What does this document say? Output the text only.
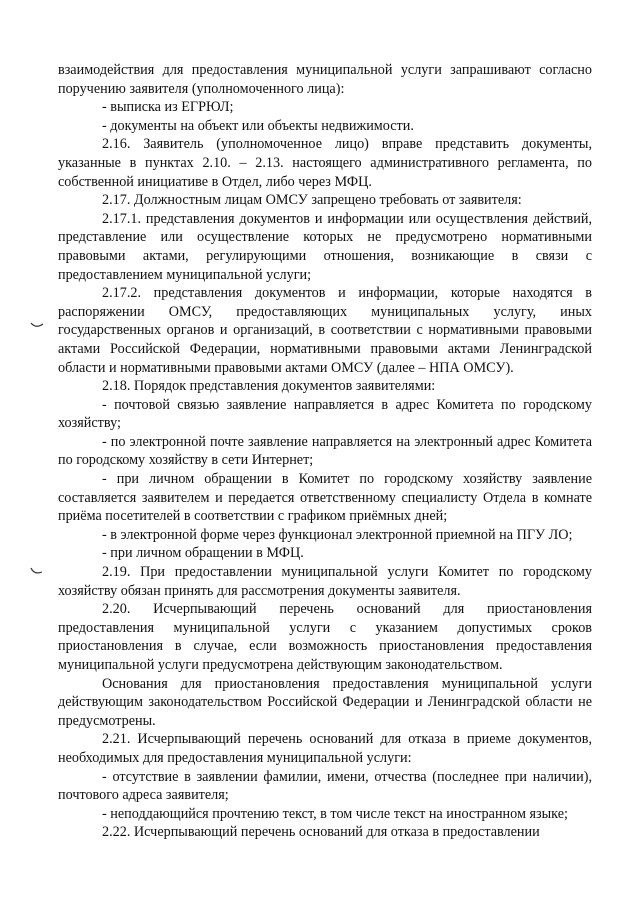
взаимодействия для предоставления муниципальной услуги запрашивают согласно поручению заявителя (уполномоченного лица):

- выписка из ЕГРЮЛ;

- документы на объект или объекты недвижимости.

2.16. Заявитель (уполномоченное лицо) вправе представить документы, указанные в пунктах 2.10. – 2.13. настоящего административного регламента, по собственной инициативе в Отдел, либо через МФЦ.

2.17. Должностным лицам ОМСУ запрещено требовать от заявителя:

2.17.1. представления документов и информации или осуществления действий, представление или осуществление которых не предусмотрено нормативными правовыми актами, регулирующими отношения, возникающие в связи с предоставлением муниципальной услуги;

2.17.2. представления документов и информации, которые находятся в распоряжении ОМСУ, предоставляющих муниципальных услугу, иных государственных органов и организаций, в соответствии с нормативными правовыми актами Российской Федерации, нормативными правовыми актами Ленинградской области и нормативными правовыми актами ОМСУ (далее – НПА ОМСУ).

2.18. Порядок представления документов заявителями:

- почтовой связью заявление направляется в адрес Комитета по городскому хозяйству;

- по электронной почте заявление направляется на электронный адрес Комитета по городскому хозяйству в сети Интернет;

- при личном обращении в Комитет по городскому хозяйству заявление составляется заявителем и передается ответственному специалисту Отдела в комнате приёма посетителей в соответствии с графиком приёмных дней;

- в электронной форме через функционал электронной приемной на ПГУ ЛО;

- при личном обращении в МФЦ.

2.19. При предоставлении муниципальной услуги Комитет по городскому хозяйству обязан принять для рассмотрения документы заявителя.

2.20. Исчерпывающий перечень оснований для приостановления предоставления муниципальной услуги с указанием допустимых сроков приостановления в случае, если возможность приостановления предоставления муниципальной услуги предусмотрена действующим законодательством.

Основания для приостановления предоставления муниципальной услуги действующим законодательством Российской Федерации и Ленинградской области не предусмотрены.

2.21. Исчерпывающий перечень оснований для отказа в приеме документов, необходимых для предоставления муниципальной услуги:

- отсутствие в заявлении фамилии, имени, отчества (последнее при наличии), почтового адреса заявителя;

- неподдающийся прочтению текст, в том числе текст на иностранном языке;

2.22. Исчерпывающий перечень оснований для отказа в предоставлении
